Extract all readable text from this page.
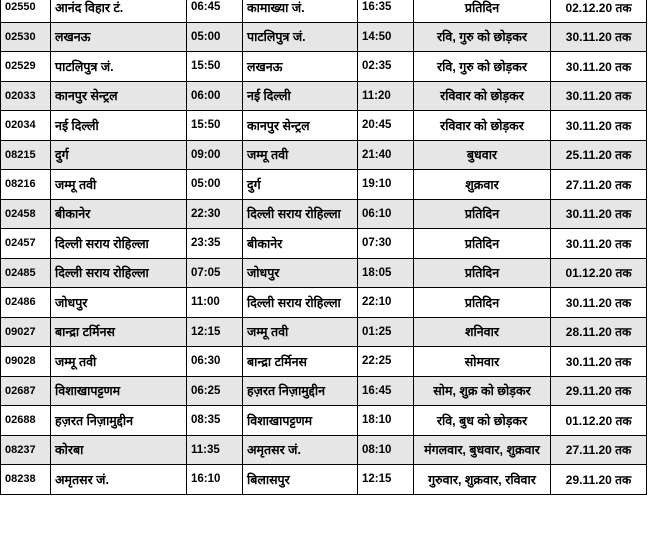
02550	आनंद विहार टं.	06:45	कामाख्या जं.	16:35	प्रतिदिन	02.12.20 तक
02530	लखनऊ	05:00	पाटलिपुत्र जं.	14:50	रवि, गुरु को छोड़कर	30.11.20 तक
02529	पाटलिपुत्र जं.	15:50	लखनऊ	02:35	रवि, गुरु को छोड़कर	30.11.20 तक
02033	कानपुर सेन्ट्रल	06:00	नई दिल्ली	11:20	रविवार को छोड़कर	30.11.20 तक
02034	नई दिल्ली	15:50	कानपुर सेन्ट्रल	20:45	रविवार को छोड़कर	30.11.20 तक
08215	दुर्ग	09:00	जम्मू तवी	21:40	बुधवार	25.11.20 तक
08216	जम्मू तवी	05:00	दुर्ग	19:10	शुक्रवार	27.11.20 तक
02458	बीकानेर	22:30	दिल्ली सराय रोहिल्ला	06:10	प्रतिदिन	30.11.20 तक
02457	दिल्ली सराय रोहिल्ला	23:35	बीकानेर	07:30	प्रतिदिन	30.11.20 तक
02485	दिल्ली सराय रोहिल्ला	07:05	जोधपुर	18:05	प्रतिदिन	01.12.20 तक
02486	जोधपुर	11:00	दिल्ली सराय रोहिल्ला	22:10	प्रतिदिन	30.11.20 तक
09027	बान्द्रा टर्मिनस	12:15	जम्मू तवी	01:25	शनिवार	28.11.20 तक
09028	जम्मू तवी	06:30	बान्द्रा टर्मिनस	22:25	सोमवार	30.11.20 तक
02687	विशाखापट्टणम	06:25	हज़रत निज़ामुद्दीन	16:45	सोम, शुक्र को छोड़कर	29.11.20 तक
02688	हज़रत निज़ामुद्दीन	08:35	विशाखापट्टणम	18:10	रवि, बुध को छोड़कर	01.12.20 तक
08237	कोरबा	11:35	अमृतसर जं.	08:10	मंगलवार, बुधवार, शुक्रवार	27.11.20 तक
08238	अमृतसर जं.	16:10	बिलासपुर	12:15	गुरुवार, शुक्रवार, रविवार	29.11.20 तक
